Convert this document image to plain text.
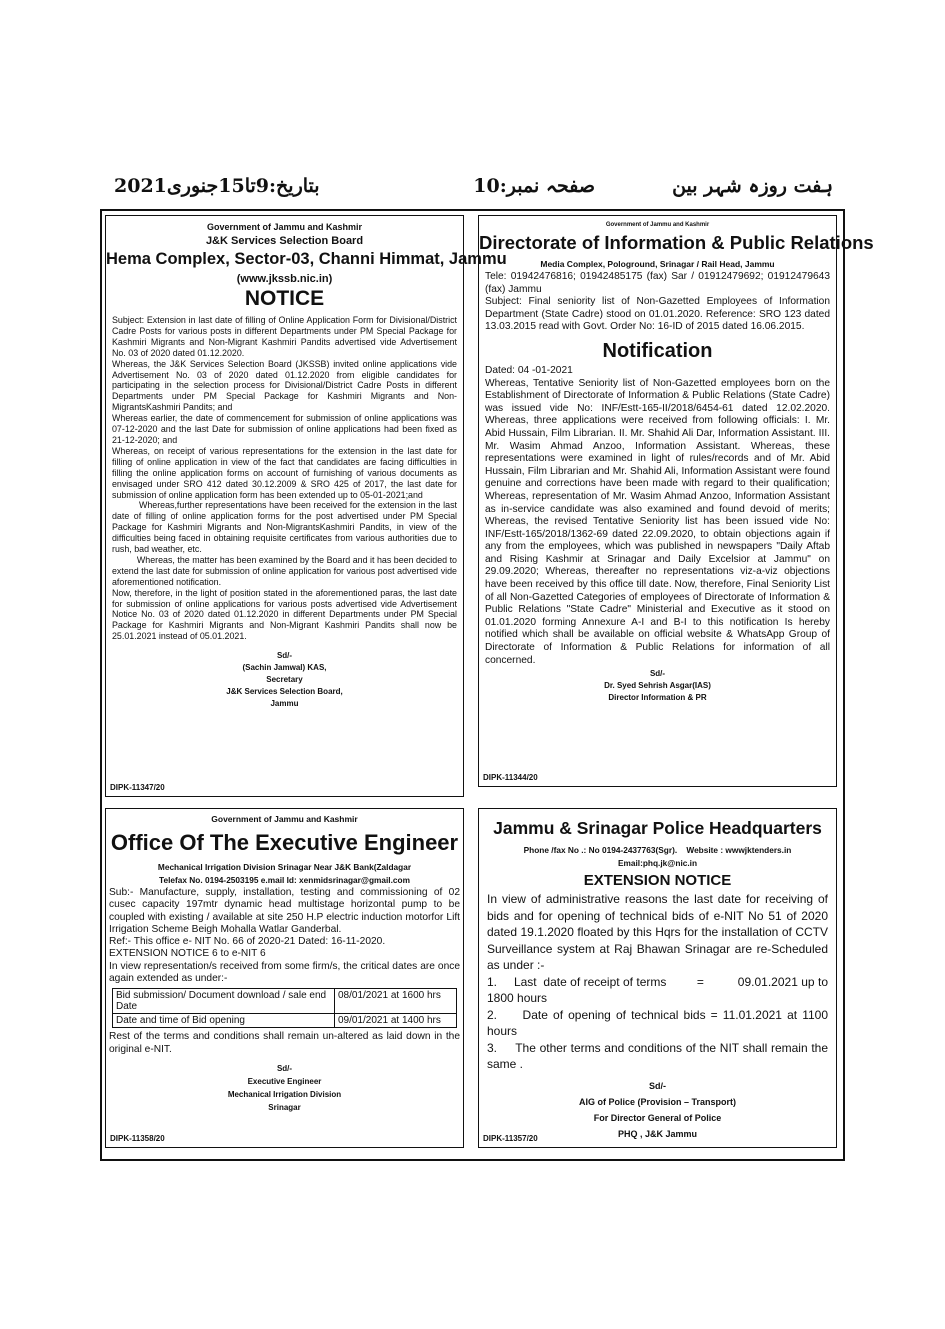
ہفت روزہ شہر بین
صفحہ نمبر:10
بتاریخ:9تا15جنوری2021
Government of Jammu and Kashmir
J&K Services Selection Board
Hema Complex, Sector-03, Channi Himmat, Jammu
(www.jkssb.nic.in)
NOTICE

Subject: Extension in last date of filling of Online Application Form for Divisional/District Cadre Posts for various posts in different Departments under PM Special Package for Kashmiri Migrants and Non-Migrant Kashmiri Pandits advertised vide Advertisement No. 03 of 2020 dated 01.12.2020.

Whereas, the J&K Services Selection Board (JKSSB) invited online applications vide Advertisement No. 03 of 2020 dated 01.12.2020 from eligible candidates for participating in the selection process for Divisional/District Cadre Posts in different Departments under PM Special Package for Kashmiri Migrants and Non-MigrantsKashmiri Pandits; and

Whereas earlier, the date of commencement for submission of online applications was 07-12-2020 and the last Date for submission of online applications had been fixed as 21-12-2020; and

Whereas, on receipt of various representations for the extension in the last date for filling of online application in view of the fact that candidates are facing difficulties in filling the online application forms on account of furnishing of various documents as envisaged under SRO 412 dated 30.12.2009 & SRO 425 of 2017, the last date for submission of online application form has been extended up to 05-01-2021;and

Whereas,further representations have been received for the extension in the last date of filling of online application forms for the post advertised under PM Special Package for Kashmiri Migrants and Non-MigrantsKashmiri Pandits, in view of the difficulties being faced in obtaining requisite certificates from various authorities due to rush, bad weather, etc.

Whereas, the matter has been examined by the Board and it has been decided to extend the last date for submission of online application for various post advertised vide aforementioned notification.

Now, therefore, in the light of position stated in the aforementioned paras, the last date for submission of online applications for various posts advertised vide Advertisement Notice No. 03 of 2020 dated 01.12.2020 in different Departments under PM Special Package for Kashmiri Migrants and Non-Migrant Kashmiri Pandits shall now be 25.01.2021 instead of 05.01.2021.

Sd/-
(Sachin Jamwal) KAS,
Secretary
J&K Services Selection Board,
Jammu
DIPK-11347/20
Government of Jammu and Kashmir
Directorate of Information & Public Relations
Media Complex, Pologround, Srinagar / Rail Head, Jammu

Tele: 01942476816; 01942485175 (fax) Sar / 01912479692; 01912479643 (fax) Jammu

Subject: Final seniority list of Non-Gazetted Employees of Information Department (State Cadre) stood on 01.01.2020. Reference: SRO 123 dated 13.03.2015 read with Govt. Order No: 16-ID of 2015 dated 16.06.2015.

Notification

Dated: 04 -01-2021

Whereas, Tentative Seniority list of Non-Gazetted employees born on the Establishment of Directorate of Information & Public Relations (State Cadre) was issued vide No: INF/Estt-165-II/2018/6454-61 dated 12.02.2020. Whereas, three applications were received from following officials: I. Mr. Abid Hussain, Film Librarian. II. Mr. Shahid Ali Dar, Information Assistant. III. Mr. Wasim Ahmad Anzoo, Information Assistant. Whereas, these representations were examined in light of rules/records and of Mr. Abid Hussain, Film Librarian and Mr. Shahid Ali, Information Assistant were found genuine and corrections have been made with regard to their qualification; Whereas, representation of Mr. Wasim Ahmad Anzoo, Information Assistant as in-service candidate was also examined and found devoid of merits; Whereas, the revised Tentative Seniority list has been issued vide No: INF/Estt-165/2018/1362-69 dated 22.09.2020, to obtain objections again if any from the employees, which was published in newspapers "Daily Aftab and Rising Kashmir at Srinagar and Daily Excelsior at Jammu" on 29.09.2020; Whereas, thereafter no representations viz-a-viz objections have been received by this office till date. Now, therefore, Final Seniority List of all Non-Gazetted Categories of employees of Directorate of Information & Public Relations "State Cadre" Ministerial and Executive as it stood on 01.01.2020 forming Annexure A-I and B-I to this notification Is hereby notified which shall be available on official website & WhatsApp Group of Directorate of Information & Public Relations for information of all concerned.

Sd/-
Dr. Syed Sehrish Asgar(IAS)
Director Information & PR
DIPK-11344/20
Government of Jammu and Kashmir
Office Of The Executive Engineer
Mechanical Irrigation Division Srinagar Near J&K Bank(Zaldagar
Telefax No. 0194-2503195 e.mail Id: xenmidsrinagar@gmail.com

Sub:- Manufacture, supply, installation, testing and commissioning of 02 cusec capacity 197mtr dynamic head multistage horizontal pump to be coupled with existing / available at site 250 H.P electric induction motorfor Lift Irrigation Scheme Beigh Mohalla Watlar Ganderbal.

Ref:- This office e- NIT No. 66 of 2020-21 Dated: 16-11-2020.

EXTENSION NOTICE 6 to e-NIT 6

In view representation/s received from some firm/s, the critical dates are once again extended as under:-

Bid submission/ Document download / sale end Date	08/01/2021 at 1600 hrs
Date and time of Bid opening	09/01/2021 at 1400 hrs
Rest of the terms and conditions shall remain un-altered as laid down in the original e-NIT.
Sd/-
Executive Engineer
Mechanical Irrigation Division
Srinagar
DIPK-11358/20
Jammu & Srinagar Police Headquarters
Phone /fax No .: No 0194-2437763(Sgr).    Website : wwwjktenders.in
Email:phq.jk@nic.in
EXTENSION NOTICE

In view of administrative reasons the last date for receiving of bids and for opening of technical bids of e-NIT No 51 of 2020 dated 19.1.2020 floated by this Hqrs for the installation of CCTV Surveillance system at Raj Bhawan Srinagar are re-Scheduled as under :-

1.     Last  date of receipt of terms         =          09.01.2021 up to 1800 hours

2.     Date of opening of technical bids = 11.01.2021 at 1100 hours

3.     The other terms and conditions of the NIT shall remain the same .

Sd/-
AIG of Police (Provision – Transport)
For Director General of Police
PHQ , J&K Jammu
DIPK-11357/20
